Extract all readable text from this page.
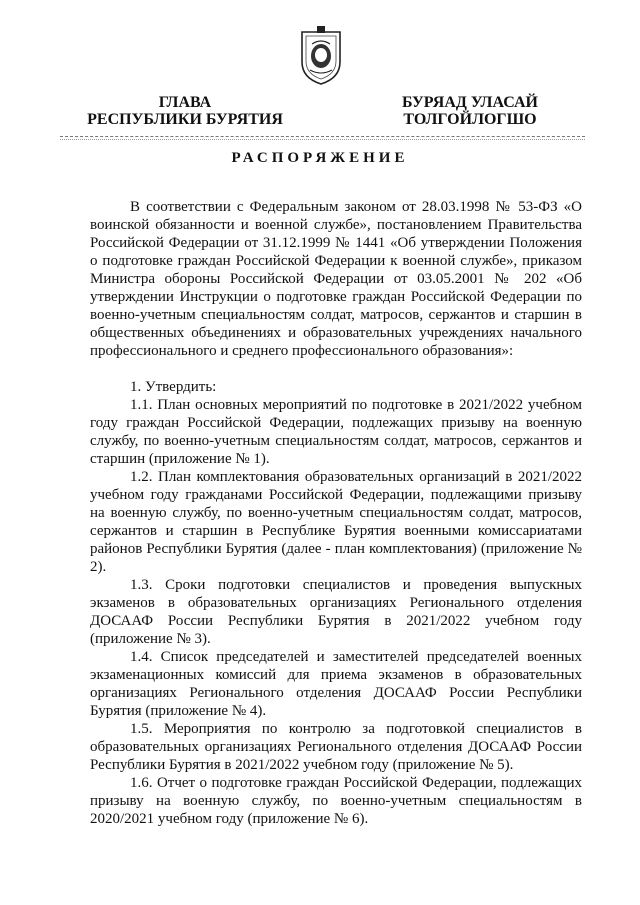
ГЛАВА
РЕСПУБЛИКИ БУРЯТИЯ
БУРЯАД УЛАСАЙ
ТОЛГОЙЛОГШО
РАСПОРЯЖЕНИЕ

В соответствии с Федеральным законом от 28.03.1998 № 53-ФЗ «О воинской обязанности и военной службе», постановлением Правительства Российской Федерации от 31.12.1999 № 1441 «Об утверждении Положения о подготовке граждан Российской Федерации к военной службе», приказом Министра обороны Российской Федерации от 03.05.2001 № 202 «Об утверждении Инструкции о подготовке граждан Российской Федерации по военно-учетным специальностям солдат, матросов, сержантов и старшин в общественных объединениях и образовательных учреждениях начального профессионального и среднего профессионального образования»:

1. Утвердить:

1.1. План основных мероприятий по подготовке в 2021/2022 учебном году граждан Российской Федерации, подлежащих призыву на военную службу, по военно-учетным специальностям солдат, матросов, сержантов и старшин (приложение № 1).

1.2. План комплектования образовательных организаций в 2021/2022 учебном году гражданами Российской Федерации, подлежащими призыву на военную службу, по военно-учетным специальностям солдат, матросов, сержантов и старшин в Республике Бурятия военными комиссариатами районов Республики Бурятия (далее - план комплектования) (приложение № 2).

1.3. Сроки подготовки специалистов и проведения выпускных экзаменов в образовательных организациях Регионального отделения ДОСААФ России Республики Бурятия в 2021/2022 учебном году (приложение № 3).

1.4. Список председателей и заместителей председателей военных экзаменационных комиссий для приема экзаменов в образовательных организациях Регионального отделения ДОСААФ России Республики Бурятия (приложение № 4).

1.5. Мероприятия по контролю за подготовкой специалистов в образовательных организациях Регионального отделения ДОСААФ России Республики Бурятия в 2021/2022 учебном году (приложение № 5).

1.6. Отчет о подготовке граждан Российской Федерации, подлежащих призыву на военную службу, по военно-учетным специальностям в 2020/2021 учебном году (приложение № 6).
